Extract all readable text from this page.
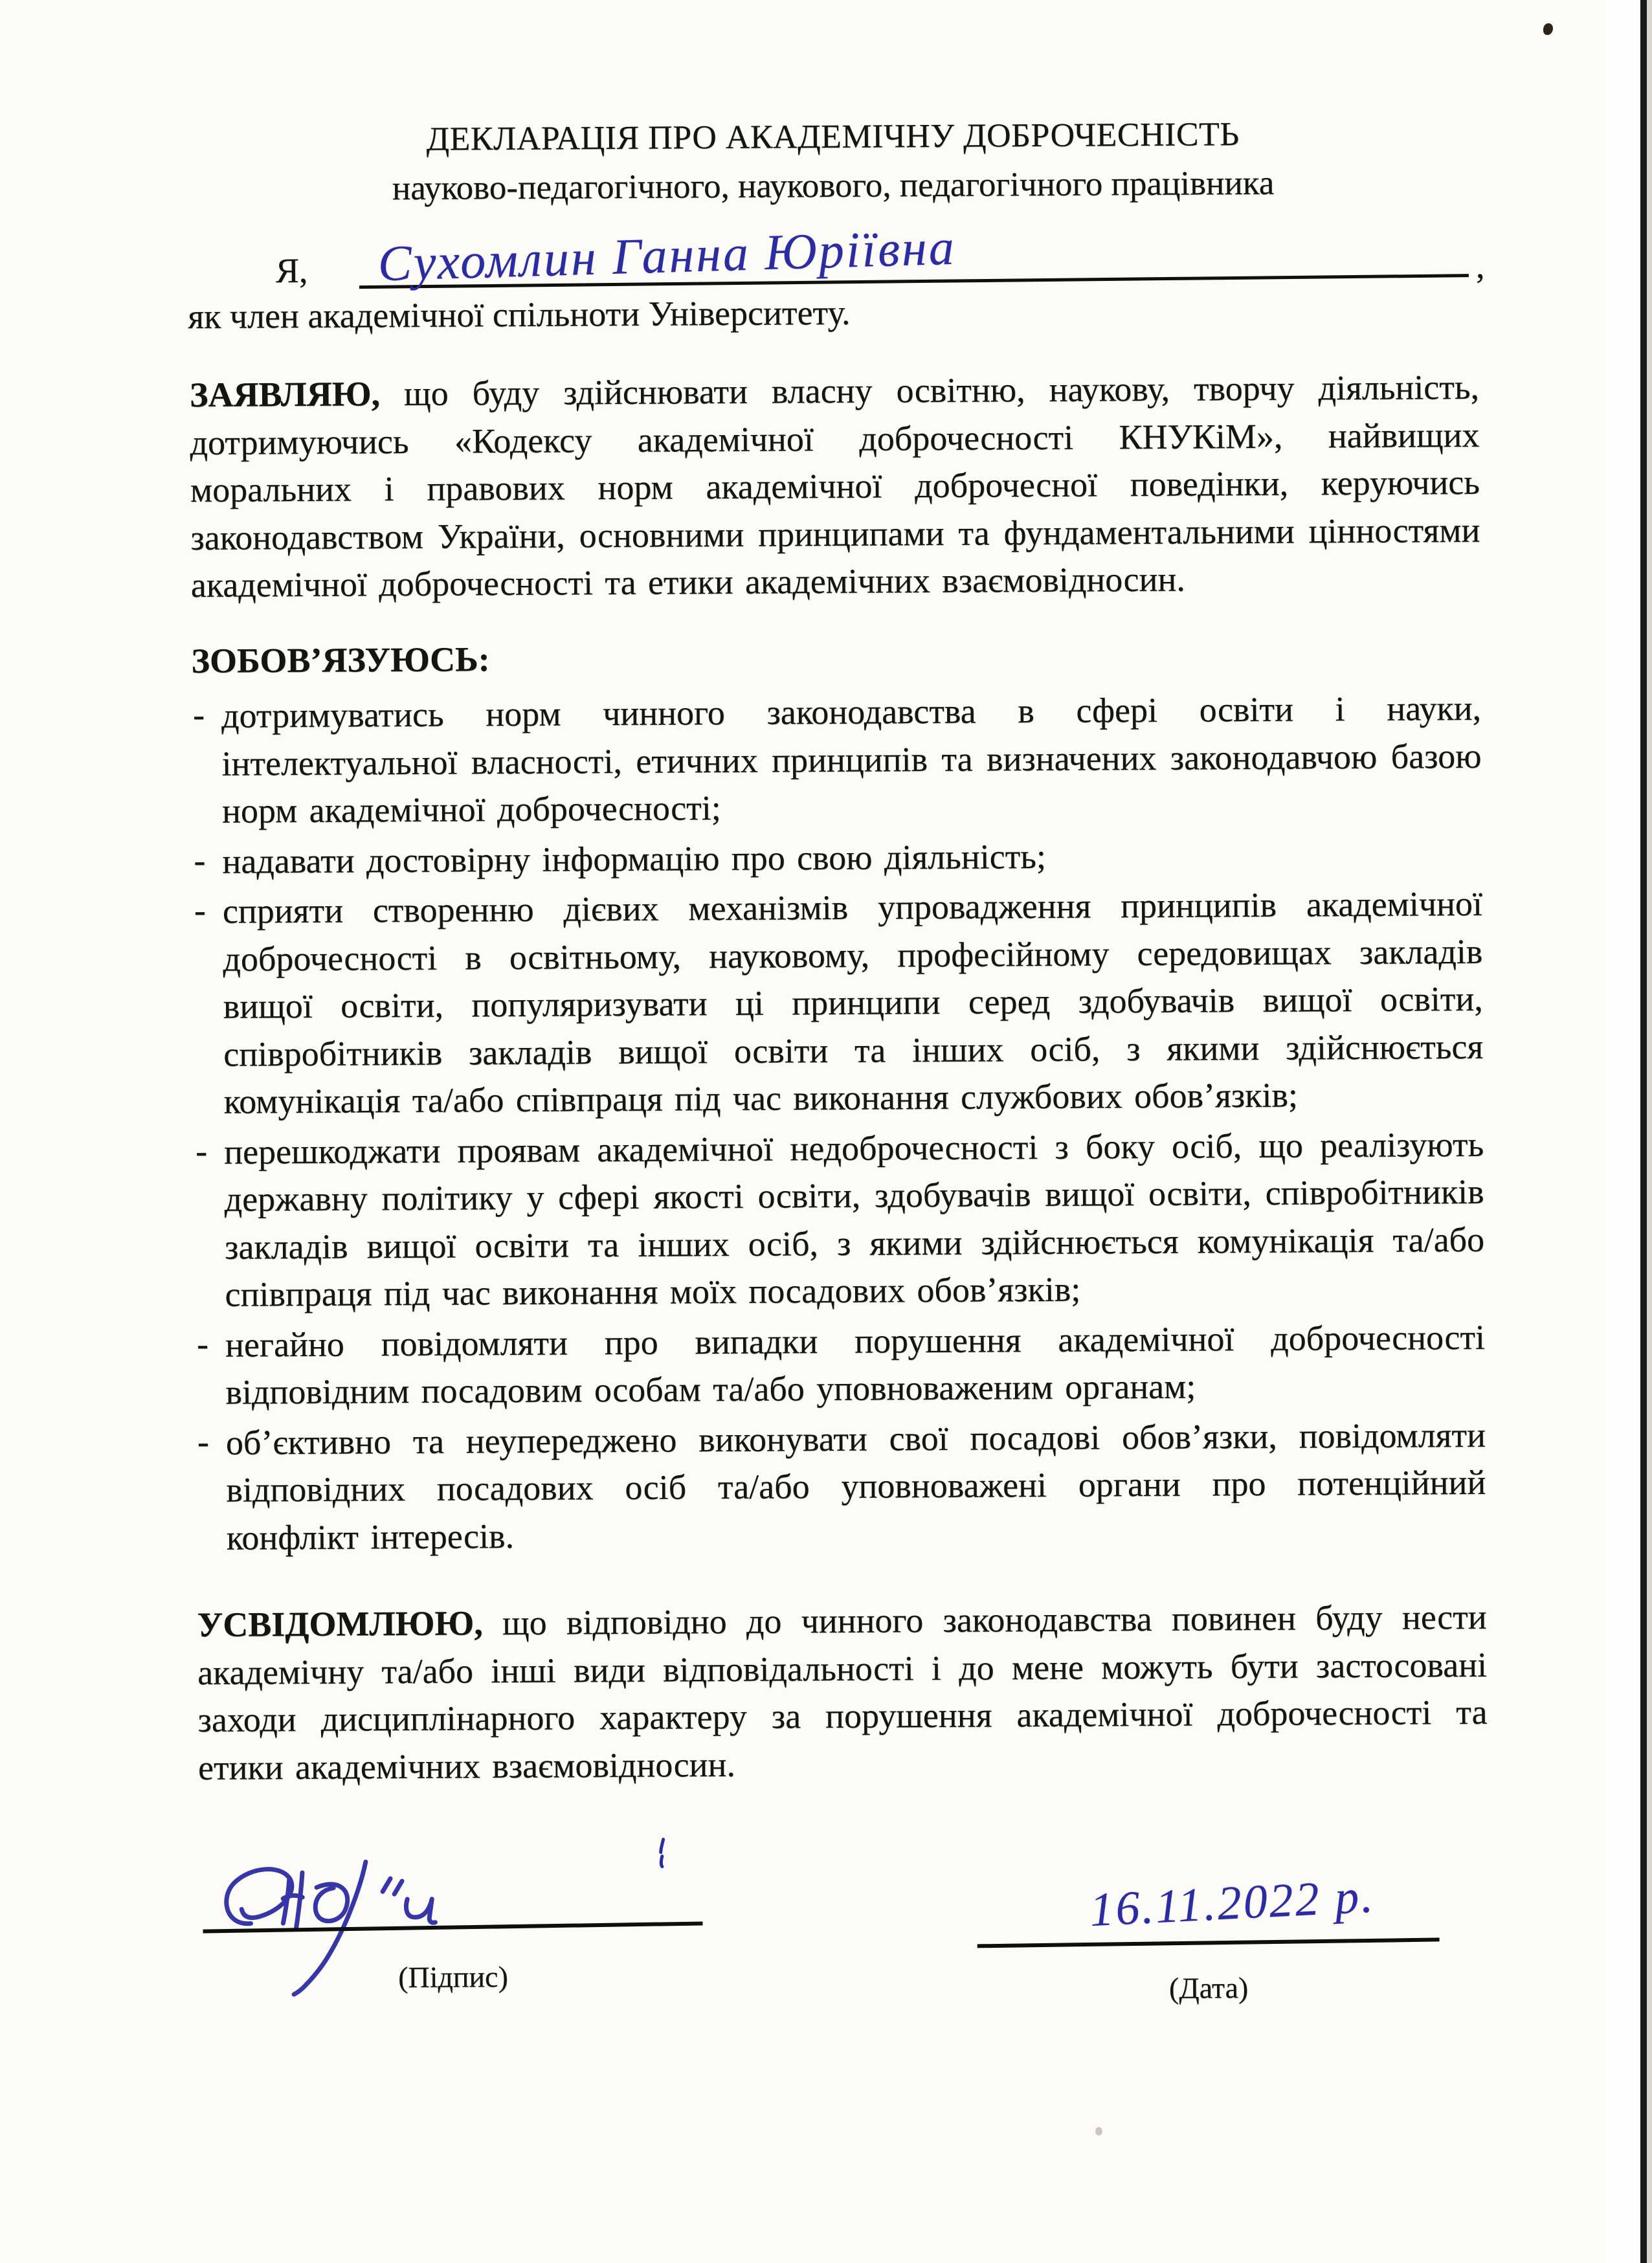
ДЕКЛАРАЦІЯ ПРО АКАДЕМІЧНУ ДОБРОЧЕСНІСТЬ
науково-педагогічного, наукового, педагогічного працівника
Я, Сухомлин Ганна Юріївна	,
як член академічної спільноти Університету.
ЗАЯВЛЯЮ, що буду здійснювати власну освітню, наукову, творчу діяльність, дотримуючись «Кодексу академічної доброчесності КНУКіМ», найвищих моральних і правових норм академічної доброчесної поведінки, керуючись законодавством України, основними принципами та фундаментальними цінностями академічної доброчесності та етики академічних взаємовідносин.
ЗОБОВ’ЯЗУЮСЬ:
- дотримуватись норм чинного законодавства в сфері освіти і науки, інтелектуальної власності, етичних принципів та визначених законодавчою базою норм академічної доброчесності;
- надавати достовірну інформацію про свою діяльність;
- сприяти створенню дієвих механізмів упровадження принципів академічної доброчесності в освітньому, науковому, професійному середовищах закладів вищої освіти, популяризувати ці принципи серед здобувачів вищої освіти, співробітників закладів вищої освіти та інших осіб, з якими здійснюється комунікація та/або співпраця під час виконання службових обов’язків;
- перешкоджати проявам академічної недоброчесності з боку осіб, що реалізують державну політику у сфері якості освіти, здобувачів вищої освіти, співробітників закладів вищої освіти та інших осіб, з якими здійснюється комунікація та/або співпраця під час виконання моїх посадових обов’язків;
- негайно повідомляти про випадки порушення академічної доброчесності відповідним посадовим особам та/або уповноваженим органам;
- об’єктивно та неупереджено виконувати свої посадові обов’язки, повідомляти відповідних посадових осіб та/або уповноважені органи про потенційний конфлікт інтересів.
УСВІДОМЛЮЮ, що відповідно до чинного законодавства повинен буду нести академічну та/або інші види відповідальності і до мене можуть бути застосовані заходи дисциплінарного характеру за порушення академічної доброчесності та етики академічних взаємовідносин.
(Підпис)
16.11.2022 р.
(Дата)
